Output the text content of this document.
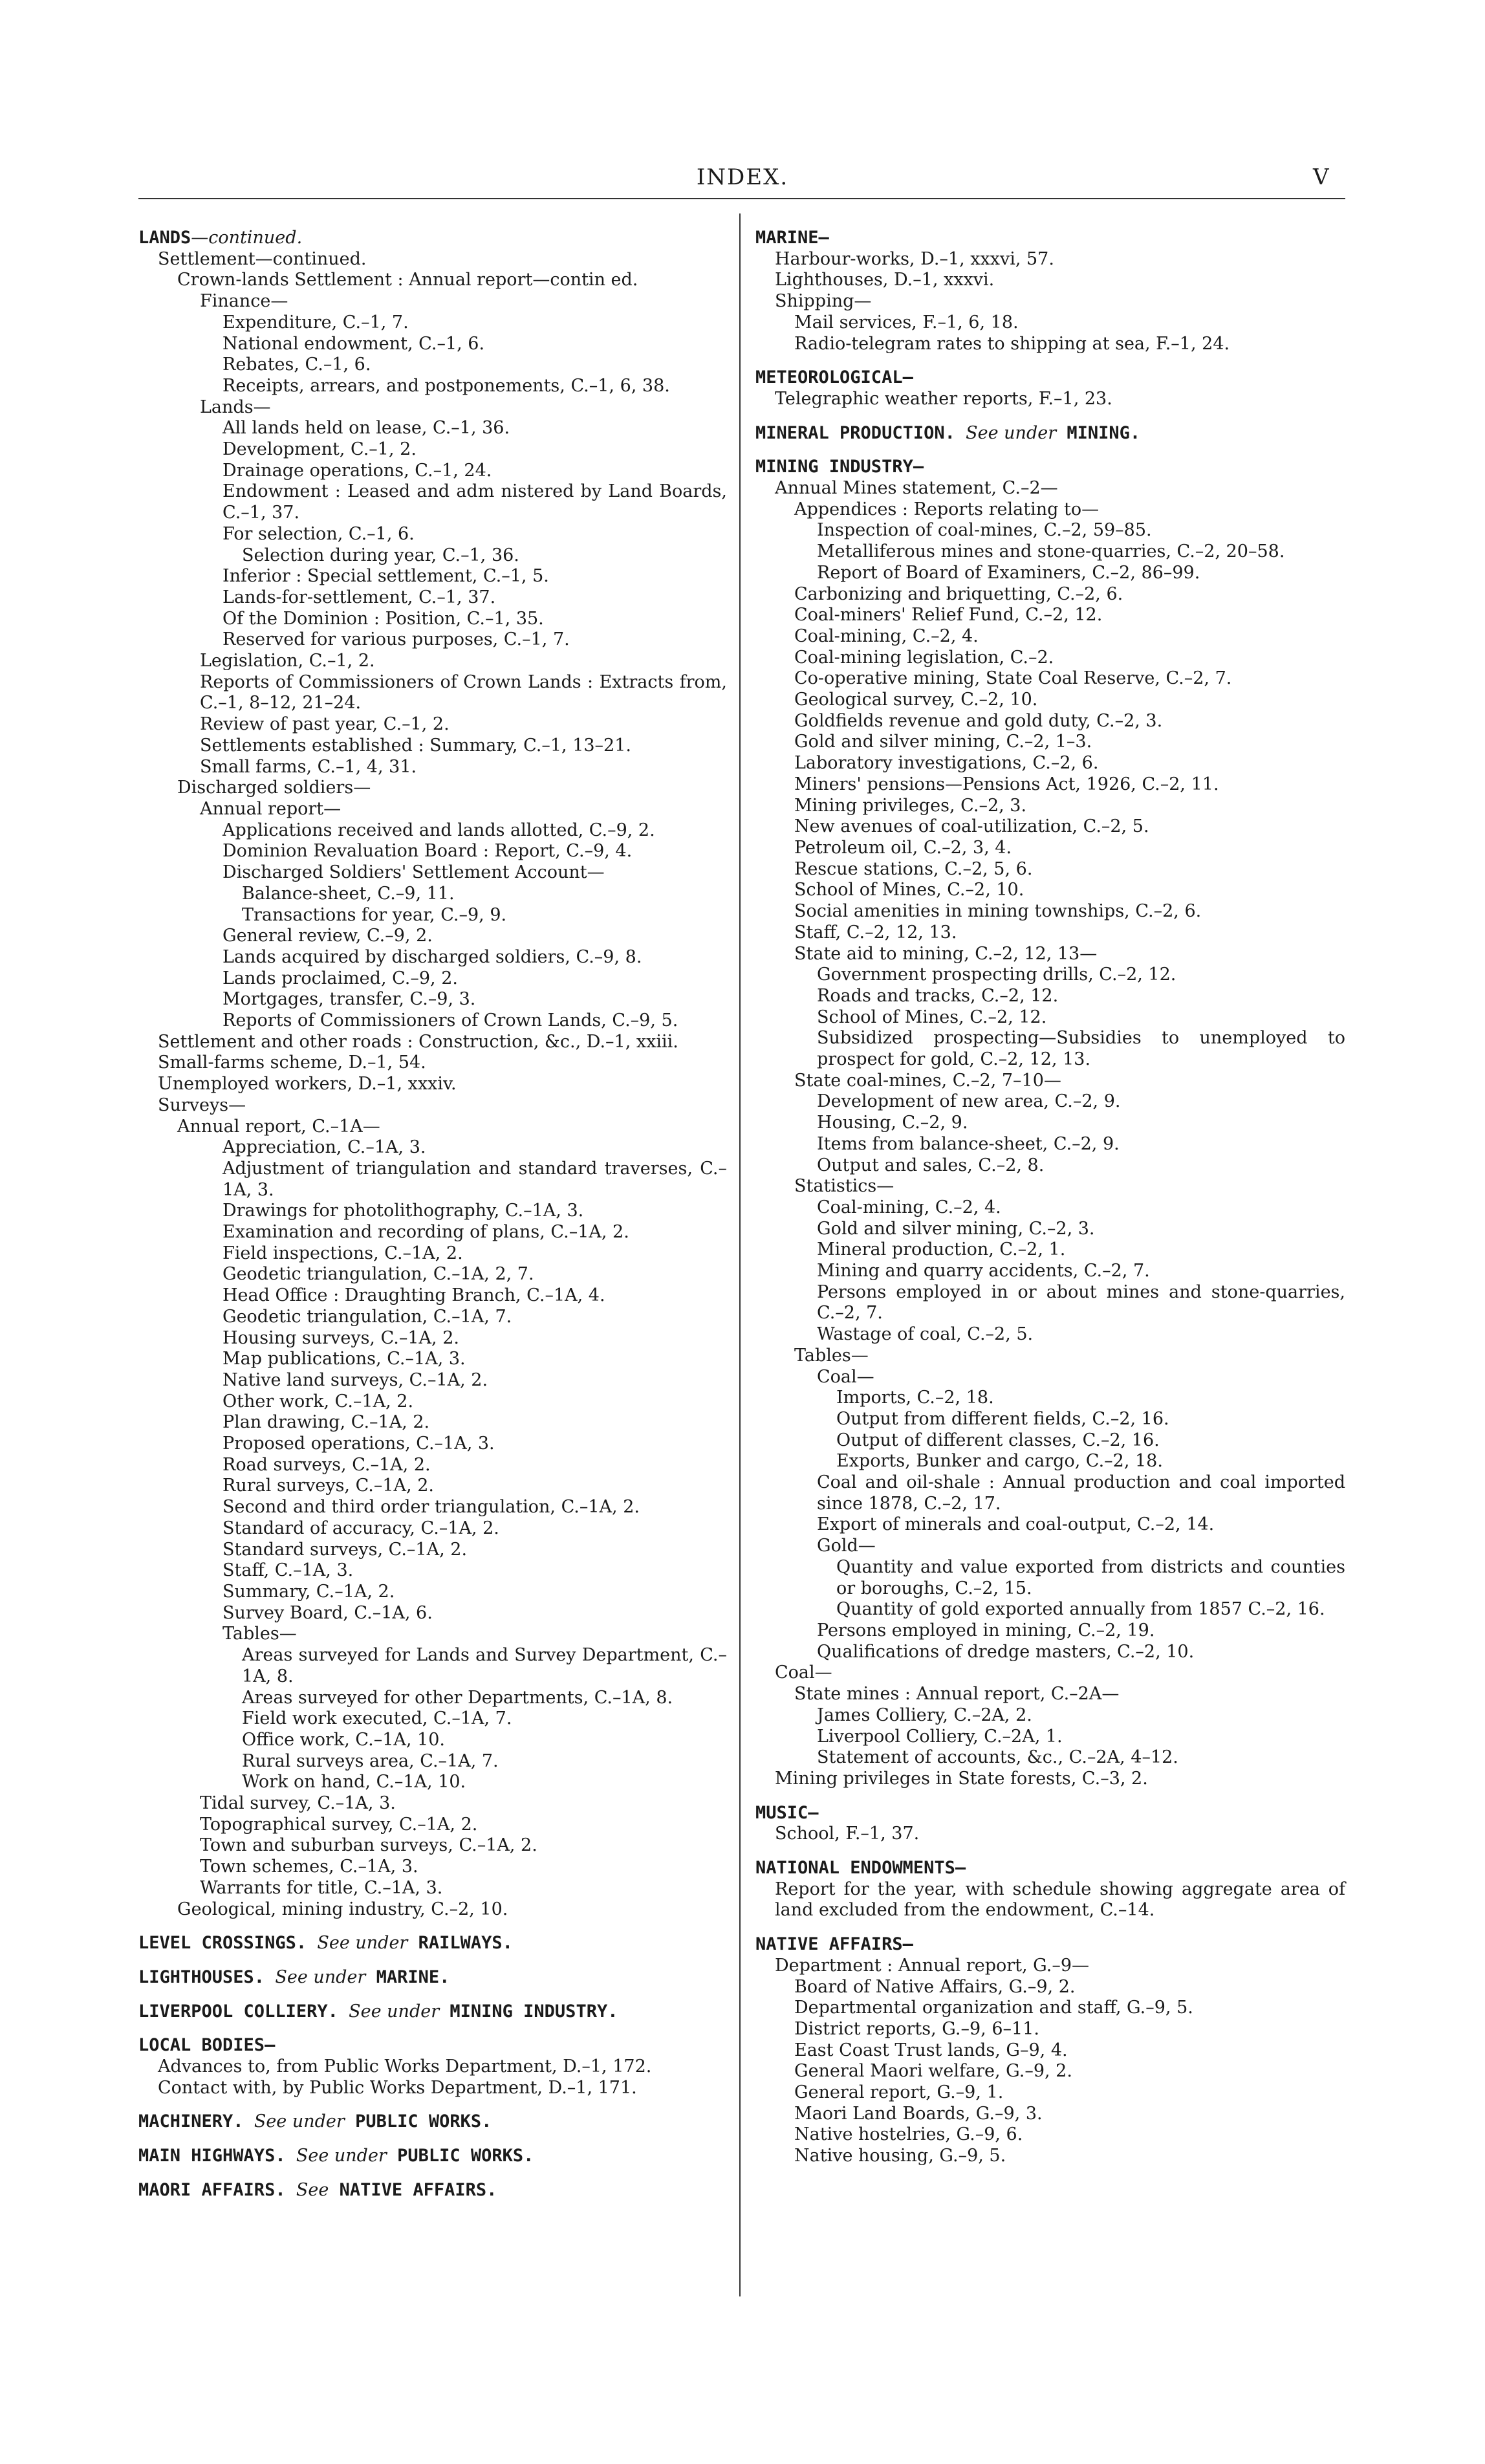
INDEX.	V

LANDS—continued.

Settlement—continued.

Crown-lands Settlement : Annual report—contin ed.

Finance—

Expenditure, C.–1, 7.

National endowment, C.–1, 6.

Rebates, C.–1, 6.

Receipts, arrears, and postponements, C.–1, 6, 38.

Lands—

All lands held on lease, C.–1, 36.

Development, C.–1, 2.

Drainage operations, C.–1, 24.

Endowment : Leased and adm nistered by Land Boards, C.–1, 37.

For selection, C.–1, 6.

Selection during year, C.–1, 36.

Inferior : Special settlement, C.–1, 5.

Lands-for-settlement, C.–1, 37.

Of the Dominion : Position, C.–1, 35.

Reserved for various purposes, C.–1, 7.

Legislation, C.–1, 2.

Reports of Commissioners of Crown Lands : Extracts from, C.–1, 8–12, 21–24.

Review of past year, C.–1, 2.

Settlements established : Summary, C.–1, 13–21.

Small farms, C.–1, 4, 31.

Discharged soldiers—

Annual report—

Applications received and lands allotted, C.–9, 2.

Dominion Revaluation Board : Report, C.–9, 4.

Discharged Soldiers' Settlement Account—

Balance-sheet, C.–9, 11.

Transactions for year, C.–9, 9.

General review, C.–9, 2.

Lands acquired by discharged soldiers, C.–9, 8.

Lands proclaimed, C.–9, 2.

Mortgages, transfer, C.–9, 3.

Reports of Commissioners of Crown Lands, C.–9, 5.

Settlement and other roads : Construction, &c., D.–1, xxiii.

Small-farms scheme, D.–1, 54.

Unemployed workers, D.–1, xxxiv.

Surveys—

Annual report, C.–1A—

Appreciation, C.–1A, 3.

Adjustment of triangulation and standard traverses, C.–1A, 3.

Drawings for photolithography, C.–1A, 3.

Examination and recording of plans, C.–1A, 2.

Field inspections, C.–1A, 2.

Geodetic triangulation, C.–1A, 2, 7.

Head Office : Draughting Branch, C.–1A, 4.

Geodetic triangulation, C.–1A, 7.

Housing surveys, C.–1A, 2.

Map publications, C.–1A, 3.

Native land surveys, C.–1A, 2.

Other work, C.–1A, 2.

Plan drawing, C.–1A, 2.

Proposed operations, C.–1A, 3.

Road surveys, C.–1A, 2.

Rural surveys, C.–1A, 2.

Second and third order triangulation, C.–1A, 2.

Standard of accuracy, C.–1A, 2.

Standard surveys, C.–1A, 2.

Staff, C.–1A, 3.

Summary, C.–1A, 2.

Survey Board, C.–1A, 6.

Tables—

Areas surveyed for Lands and Survey Department, C.–1A, 8.

Areas surveyed for other Departments, C.–1A, 8.

Field work executed, C.–1A, 7.

Office work, C.–1A, 10.

Rural surveys area, C.–1A, 7.

Work on hand, C.–1A, 10.

Tidal survey, C.–1A, 3.

Topographical survey, C.–1A, 2.

Town and suburban surveys, C.–1A, 2.

Town schemes, C.–1A, 3.

Warrants for title, C.–1A, 3.

Geological, mining industry, C.–2, 10.

LEVEL CROSSINGS. See under RAILWAYS.

LIGHTHOUSES. See under MARINE.

LIVERPOOL COLLIERY. See under MINING INDUSTRY.

LOCAL BODIES—

Advances to, from Public Works Department, D.–1, 172.

Contact with, by Public Works Department, D.–1, 171.

MACHINERY. See under PUBLIC WORKS.

MAIN HIGHWAYS. See under PUBLIC WORKS.

MAORI AFFAIRS. See NATIVE AFFAIRS.

MARINE—

Harbour-works, D.–1, xxxvi, 57.

Lighthouses, D.–1, xxxvi.

Shipping—

Mail services, F.–1, 6, 18.

Radio-telegram rates to shipping at sea, F.–1, 24.

METEOROLOGICAL—

Telegraphic weather reports, F.–1, 23.

MINERAL PRODUCTION. See under MINING.

MINING INDUSTRY—

Annual Mines statement, C.–2—

Appendices : Reports relating to—

Inspection of coal-mines, C.–2, 59–85.

Metalliferous mines and stone-quarries, C.–2, 20–58.

Report of Board of Examiners, C.–2, 86–99.

Carbonizing and briquetting, C.–2, 6.

Coal-miners' Relief Fund, C.–2, 12.

Coal-mining, C.–2, 4.

Coal-mining legislation, C.–2.

Co-operative mining, State Coal Reserve, C.–2, 7.

Geological survey, C.–2, 10.

Goldfields revenue and gold duty, C.–2, 3.

Gold and silver mining, C.–2, 1–3.

Laboratory investigations, C.–2, 6.

Miners' pensions—Pensions Act, 1926, C.–2, 11.

Mining privileges, C.–2, 3.

New avenues of coal-utilization, C.–2, 5.

Petroleum oil, C.–2, 3, 4.

Rescue stations, C.–2, 5, 6.

School of Mines, C.–2, 10.

Social amenities in mining townships, C.–2, 6.

Staff, C.–2, 12, 13.

State aid to mining, C.–2, 12, 13—

Government prospecting drills, C.–2, 12.

Roads and tracks, C.–2, 12.

School of Mines, C.–2, 12.

Subsidized prospecting—Subsidies to unemployed to prospect for gold, C.–2, 12, 13.

State coal-mines, C.–2, 7–10—

Development of new area, C.–2, 9.

Housing, C.–2, 9.

Items from balance-sheet, C.–2, 9.

Output and sales, C.–2, 8.

Statistics—

Coal-mining, C.–2, 4.

Gold and silver mining, C.–2, 3.

Mineral production, C.–2, 1.

Mining and quarry accidents, C.–2, 7.

Persons employed in or about mines and stone-quarries, C.–2, 7.

Wastage of coal, C.–2, 5.

Tables—

Coal—

Imports, C.–2, 18.

Output from different fields, C.–2, 16.

Output of different classes, C.–2, 16.

Exports, Bunker and cargo, C.–2, 18.

Coal and oil-shale : Annual production and coal imported since 1878, C.–2, 17.

Export of minerals and coal-output, C.–2, 14.

Gold—

Quantity and value exported from districts and counties or boroughs, C.–2, 15.

Quantity of gold exported annually from 1857 C.–2, 16.

Persons employed in mining, C.–2, 19.

Qualifications of dredge masters, C.–2, 10.

Coal—

State mines : Annual report, C.–2A—

James Colliery, C.–2A, 2.

Liverpool Colliery, C.–2A, 1.

Statement of accounts, &c., C.–2A, 4–12.

Mining privileges in State forests, C.–3, 2.

MUSIC—

School, F.–1, 37.

NATIONAL ENDOWMENTS—

Report for the year, with schedule showing aggregate area of land excluded from the endowment, C.–14.

NATIVE AFFAIRS—

Department : Annual report, G.–9—

Board of Native Affairs, G.–9, 2.

Departmental organization and staff, G.–9, 5.

District reports, G.–9, 6–11.

East Coast Trust lands, G–9, 4.

General Maori welfare, G.–9, 2.

General report, G.–9, 1.

Maori Land Boards, G.–9, 3.

Native hostelries, G.–9, 6.

Native housing, G.–9, 5.
